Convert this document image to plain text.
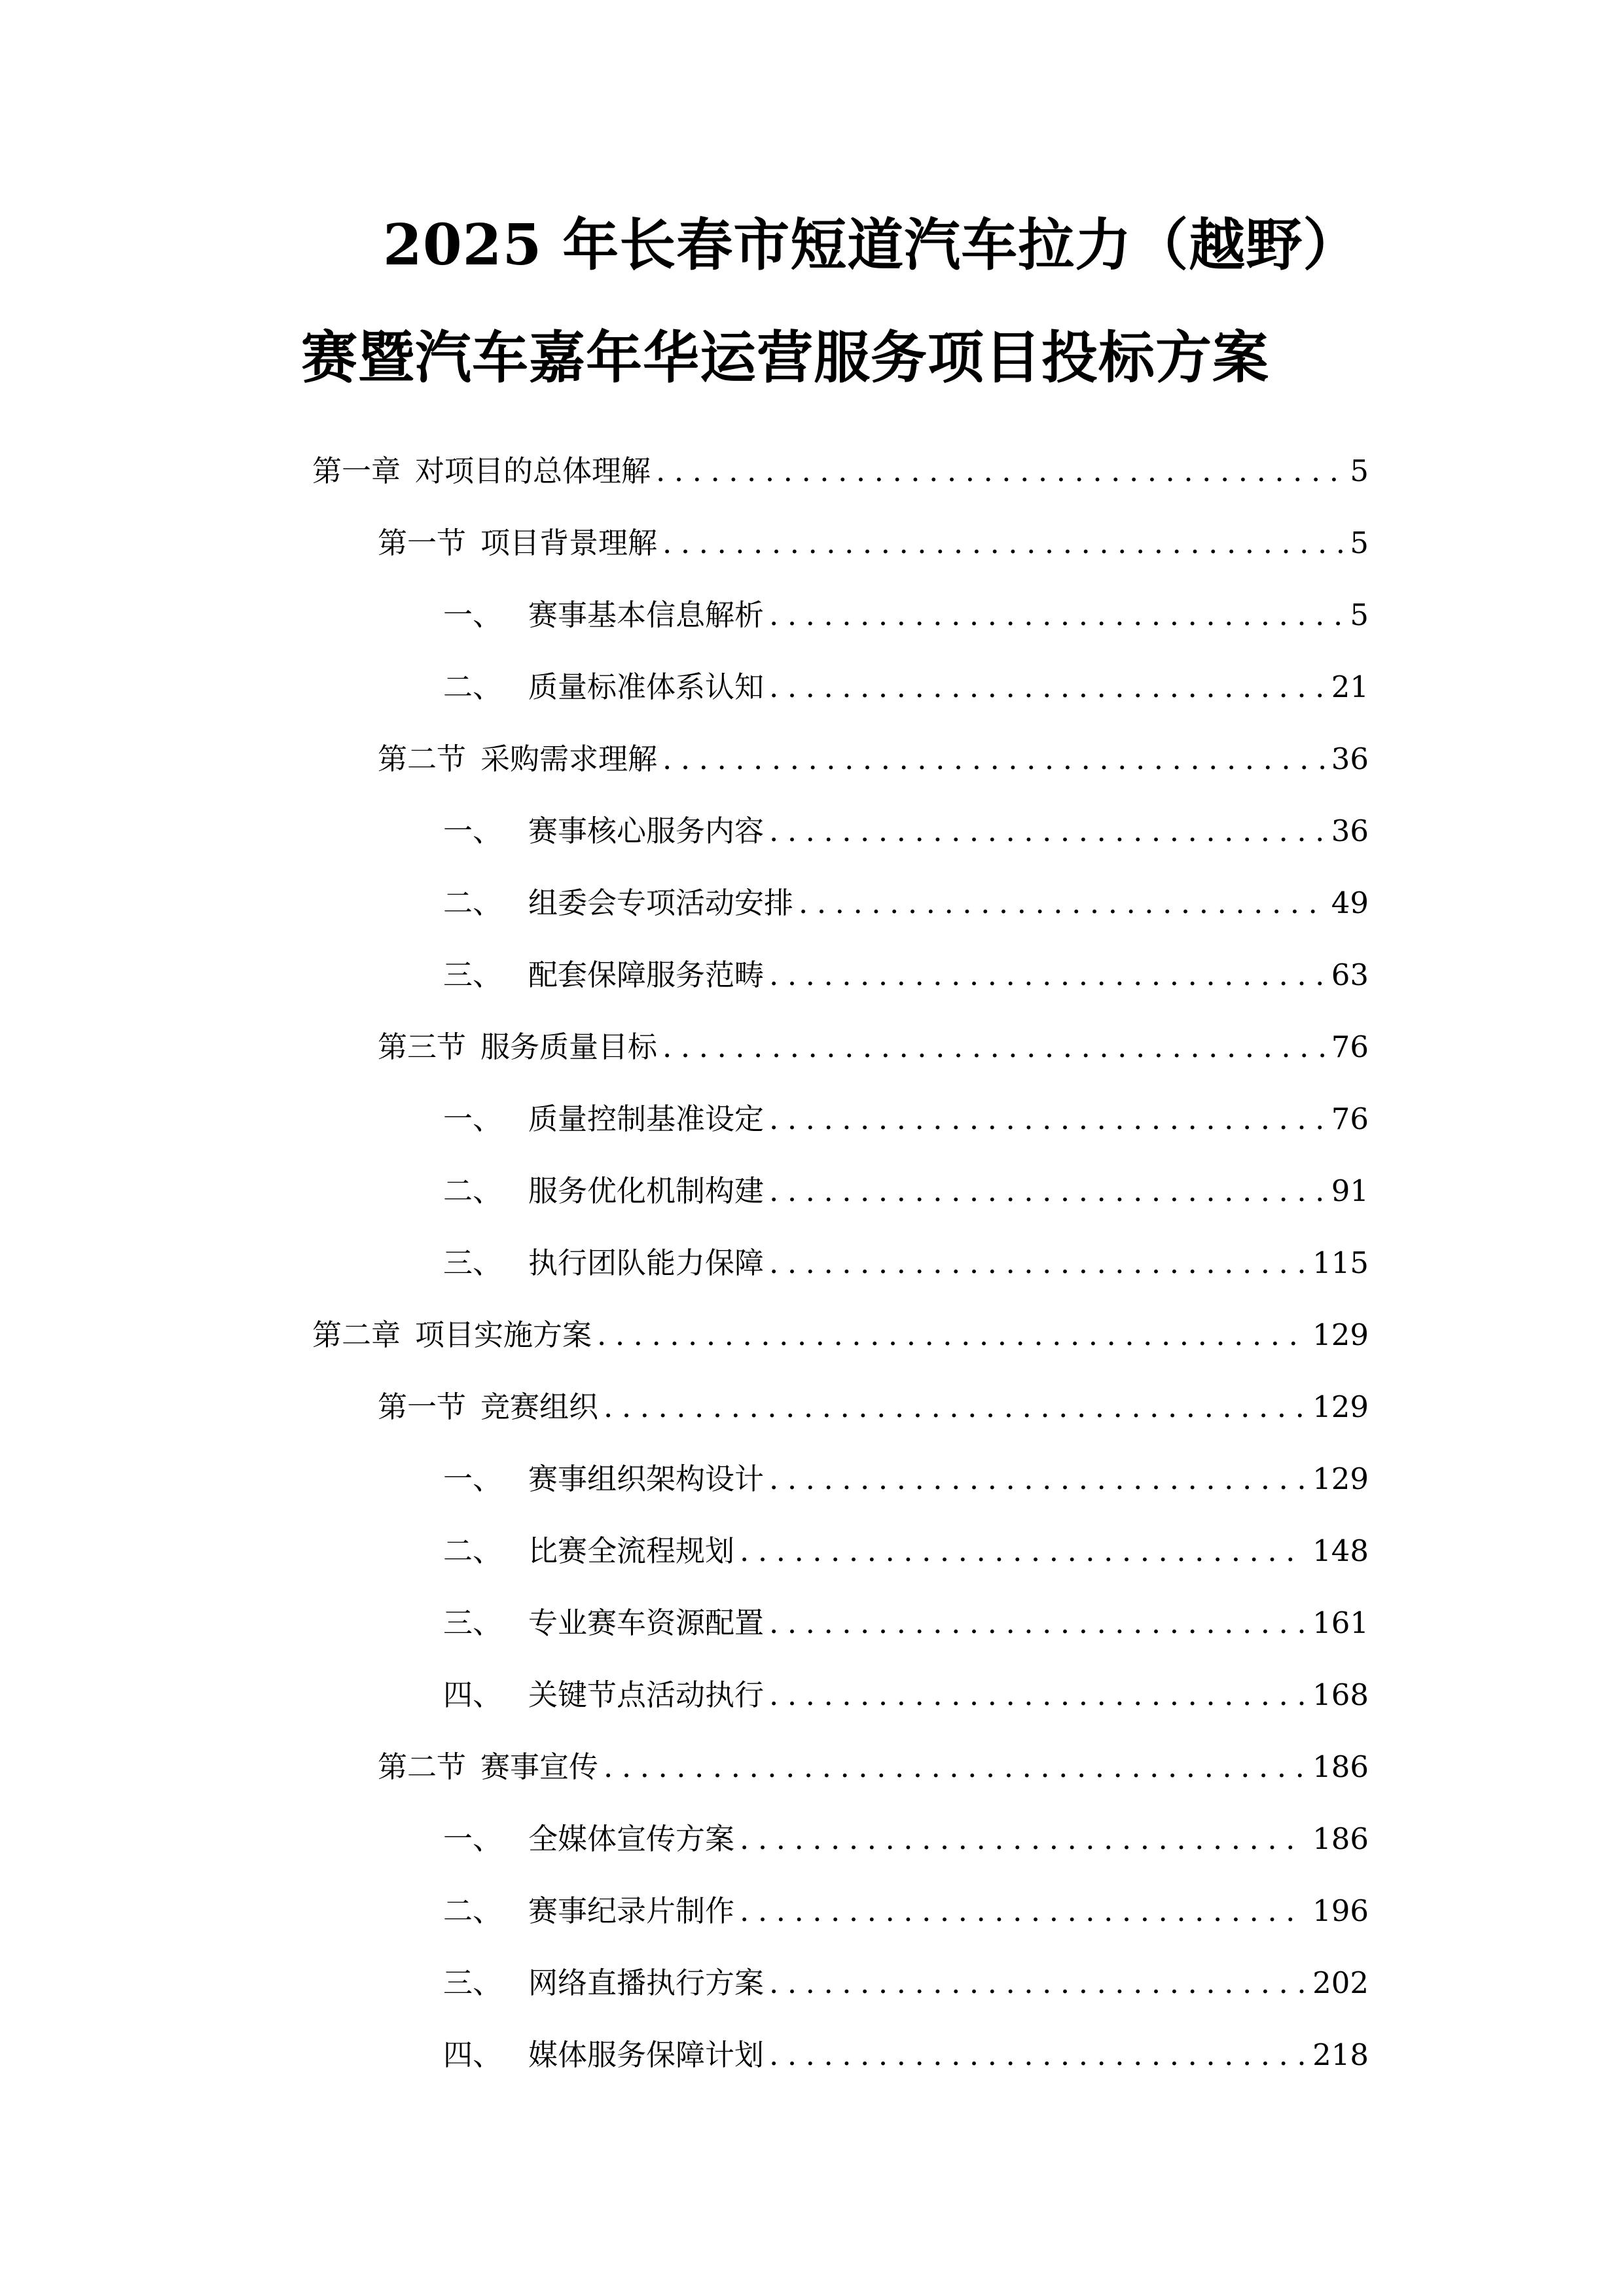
2025 年长春市短道汽车拉力（越野）
赛暨汽车嘉年华运营服务项目投标方案
第一章 对项目的总体理解 .....	5
第一节 项目背景理解 .....	5
一、 赛事基本信息解析 .....	5
二、 质量标准体系认知 .....	21
第二节 采购需求理解 .....	36
一、 赛事核心服务内容 .....	36
二、 组委会专项活动安排 .....	49
三、 配套保障服务范畴 .....	63
第三节 服务质量目标 .....	76
一、 质量控制基准设定 .....	76
二、 服务优化机制构建 .....	91
三、 执行团队能力保障 .....	115
第二章 项目实施方案 .....	129
第一节 竞赛组织 .....	129
一、 赛事组织架构设计 .....	129
二、 比赛全流程规划 .....	148
三、 专业赛车资源配置 .....	161
四、 关键节点活动执行 .....	168
第二节 赛事宣传 .....	186
一、 全媒体宣传方案 .....	186
二、 赛事纪录片制作 .....	196
三、 网络直播执行方案 .....	202
四、 媒体服务保障计划 .....	218
